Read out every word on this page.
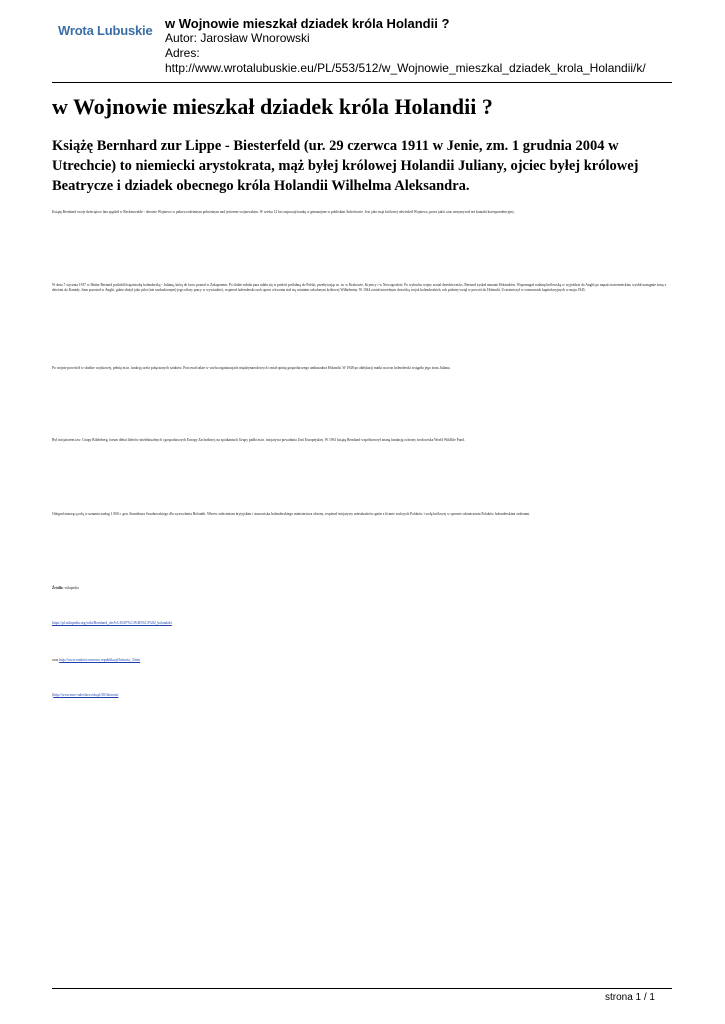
Wrota Lubuskie w Wojnowie mieszkał dziadek króla Holandii ?
Autor: Jarosław Wnorowski
Adres:
http://www.wrotalubuskie.eu/PL/553/512/w_Wojnowie_mieszkal_dziadek_krola_Holandii/k/
w Wojnowie mieszkał dziadek króla Holandii ?

Książę Bernhard zur Lippe - Biesterfeld (ur. 29 czerwca 1911 w Jenie, zm. 1 grudnia 2004 w Utrechcie) to niemiecki arystokrata, mąż byłej królowej Holandii Juliany, ojciec byłej królowej Beatrycze i dziadek obecnego króla Holandii Wilhelma Aleksandra.

Książę Bernhard swoje dzieciątwo lata spędził w Reckenwalde - obecnie Wojnowo w pałacu rodzinnym położonym nad jeziorem wojnowskim. W wieku 12 lat rozpoczął naukę w gimnazjum w pobliskim Sulechowie. Jest jako mąż królowej odwiedził Wojnowo, przez jakiś czas utrzymywał też kontakt korespondencyjny.

W dniu 7 stycznia 1937 w Hadze Bernard poślubił księżniczkę holenderską - Julianę, którą de facto poznał w Zakopanem. Po ślubie młoda para udała się w podróż poślubną do Polski, przebywając m. in. w Krakowie, Krynicy i w Nowogrodzie. Po wybuchu wojny został dziedzicem ks. Bernard zyskał uznanie Holandrów. Wspomagał rodzinę królewską w wyjeździe do Anglii po napaściu niemieckim, wysłał następnie żonę z dziećmi do Kanady. Sam pozostał w Anglii, gdzie służył jako pilot (nie uszkodzonym) jego ofiary pracy w wywiadzie), wspierał holenderski ruch oporu a kwoma stał się ostatnim szkolonym królowej Wilhelminy. W 1944 został naczelnym dowódcą wojsk holenderskich, rok później wziął w powrót do Holandii. Uczestniczył w rozmowach kapitulacyjnych w maju 1945.

Po wojnie powrócił w służbie wojskowej, pełnię m.in. funkcję szefa połączonych sztabów. Pracował także w wielu organizacjach międzynarodowych i miał opinię gospodarczego ambasadora Holandii. W 1948 po abdykacji matki na tron holenderski wstąpiła jego żona Juliana.

Był inicjatorem tzw. Grupy Bilderberg, forum debat liderów intelektualnych i gospodarczych Europy Zachodniej; na spotkaniach Grupy padła m.in. inicjatywa powołania Unii Europejskiej. W 1961 książę Bernhard współtworzył znaną fundację ochrony środowiska World Wildlife Fund.

Odegrał znaczącą rolę w uznaniu zasług 1 000 r. gen. Stanisława Sosabowskiego dla wyzwolenia Holandii. Wbrew zaleceniom brytyjskim i stanowiska holenderskiego ministerstwa obrony, wspierał inicjatywy mieszkańców gmin z licznie walczych Polaków i wolę królowej w sprawie odznaczenia Polaków holenderskimi orderami.

Źródła: wikipedia

https://pl.wikipedia.org/wiki/Bernhard_des%C4%87%C3%B3%C5%82_holandzki

oraz http://www.rzadzicrownowo.republika.pl/historia_3.htm

(http://www.mro-sulechow.edu.pl/301historia/

strona 1 / 1
